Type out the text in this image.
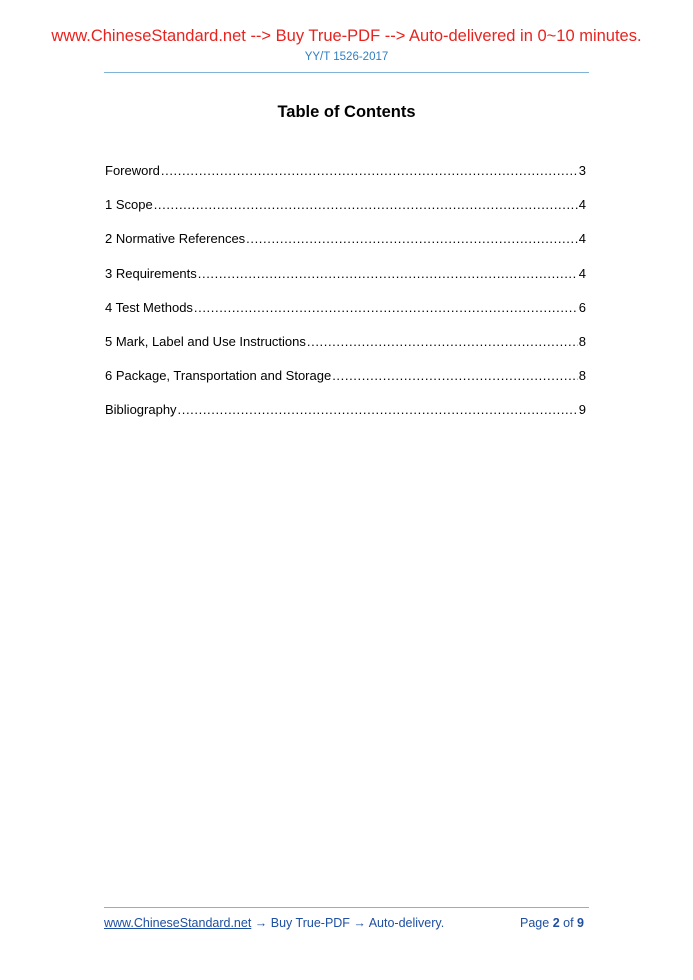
www.ChineseStandard.net --> Buy True-PDF --> Auto-delivered in 0~10 minutes.
YY/T 1526-2017
Table of Contents
Foreword .....	3
1 Scope .....	4
2 Normative References .....	4
3 Requirements .....	4
4 Test Methods .....	6
5 Mark, Label and Use Instructions .....	8
6 Package, Transportation and Storage .....	8
Bibliography .....	9
www.ChineseStandard.net → Buy True-PDF → Auto-delivery.	Page 2 of 9
